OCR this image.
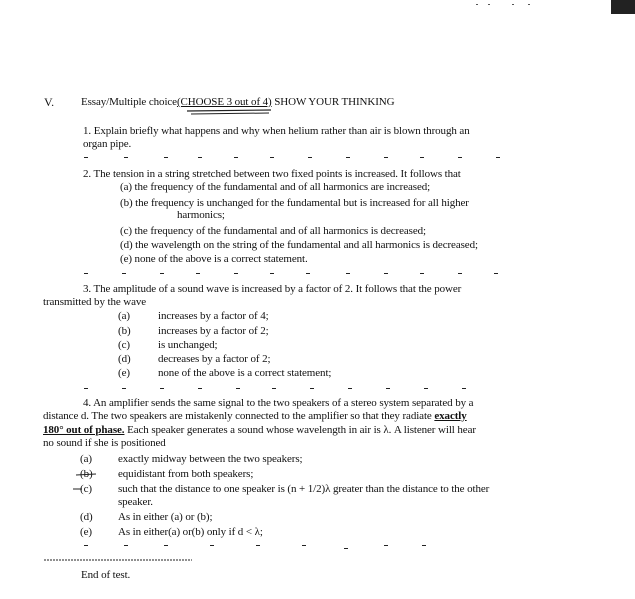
V. Essay/Multiple choice(CHOOSE 3 out of 4) SHOW YOUR THINKING
1. Explain briefly what happens and why when helium rather than air is blown through an
organ pipe.
2. The tension in a string stretched between two fixed points is increased. It follows that
(a) the frequency of the fundamental and of all harmonics are increased;
(b) the frequency is unchanged for the fundamental but is increased for all higher
harmonics;
(c) the frequency of the fundamental and of all harmonics is decreased;
(d) the wavelength on the string of the fundamental and all harmonics is decreased;
(e) none of the above is a correct statement.
3. The amplitude of a sound wave is increased by a factor of 2. It follows that the power
transmitted by the wave
(a)	increases by a factor of 4;
(b) increases by a factor of 2;
(c)	is unchanged;
(d) decreases by a factor of 2;
(e)	none of the above is a correct statement;
4. An amplifier sends the same signal to the two speakers of a stereo system separated by a
distance d. The two speakers are mistakenly connected to the amplifier so that they radiate exactly
180° out of phase. Each speaker generates a sound whose wavelength in air is λ. A listener will hear
no sound if she is positioned
(a) exactly midway between the two speakers;
(b) equidistant from both speakers;
(c) such that the distance to one speaker is (n + 1/2)λ greater than the distance to the other
speaker.
(d) As in either (a) or (b);
(e) As in either(a) or(b) only if d < λ;
End of test.
